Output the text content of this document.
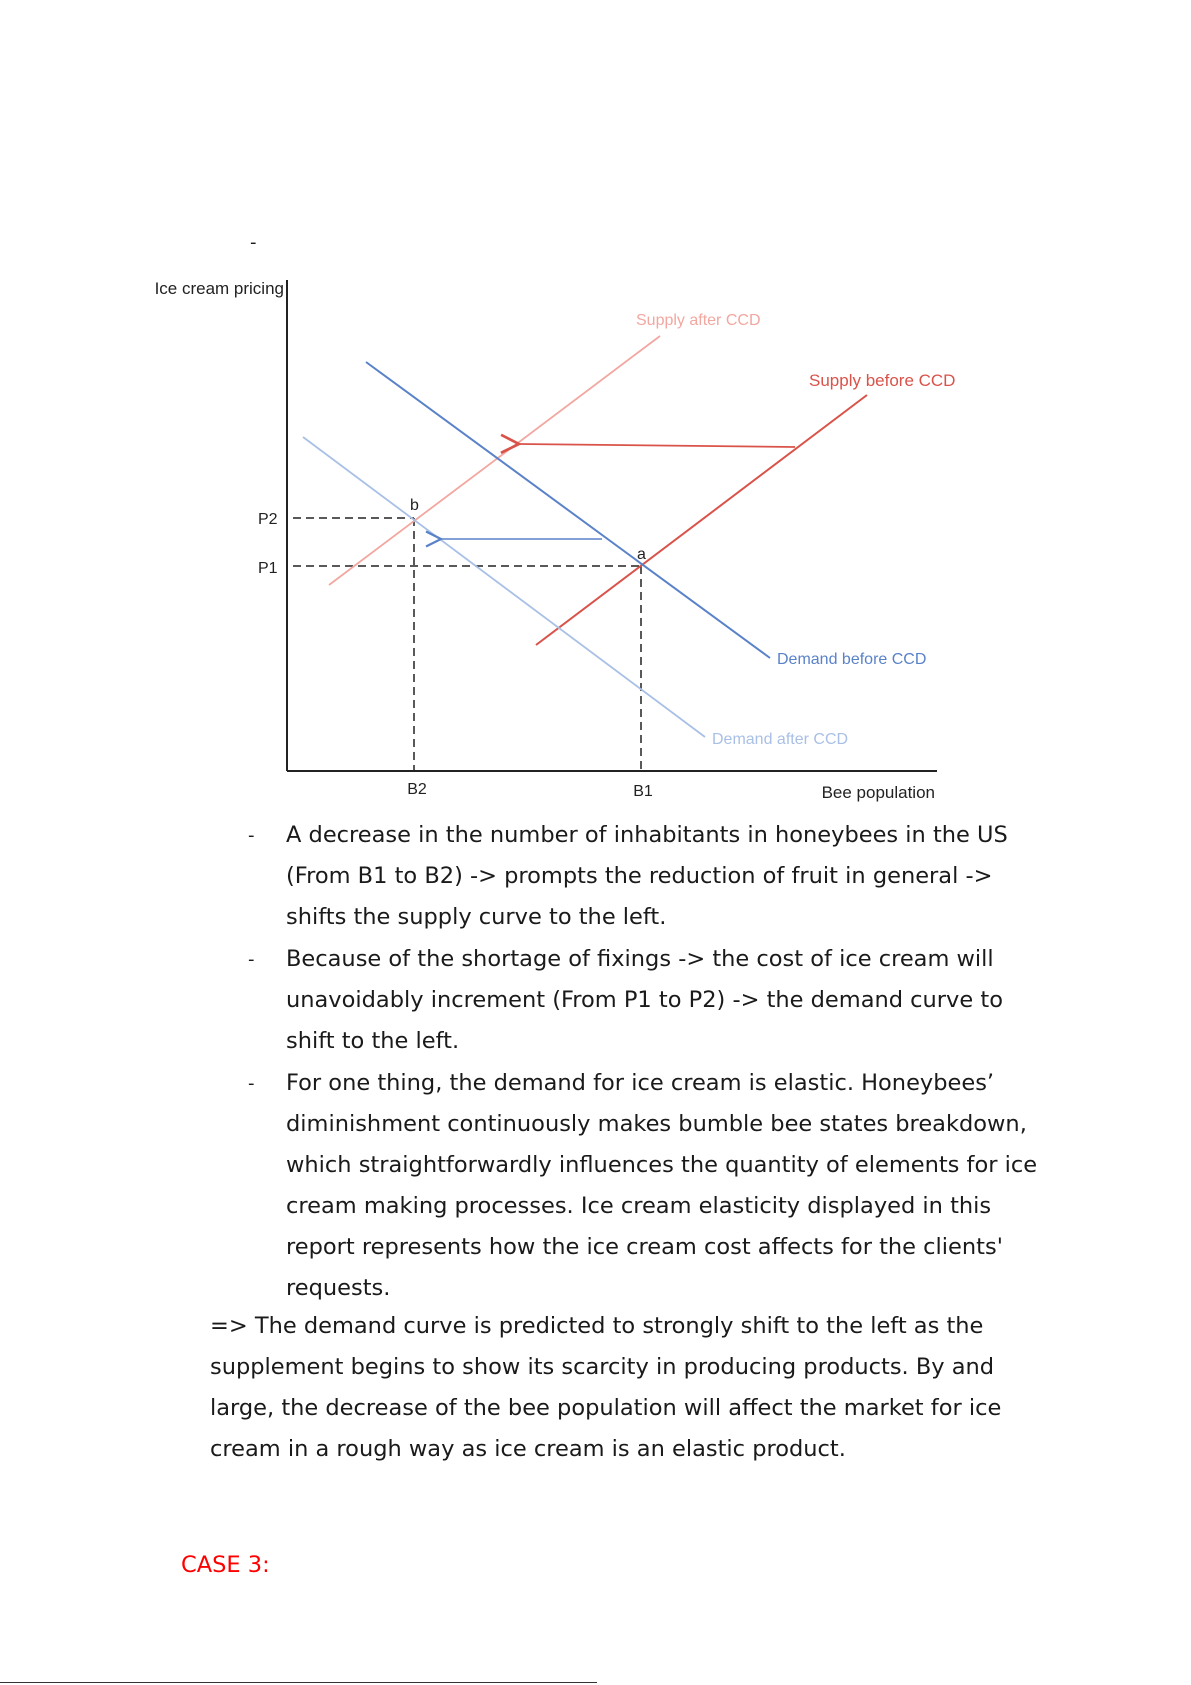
-
Ice cream pricing
Bee population
P2
P1
B2	B1
Supply after CCD
Supply before CCD
Demand before CCD
Demand after CCD
a
b
- A decrease in the number of inhabitants in honeybees in the US (From B1 to B2) -> prompts the reduction of fruit in general -> shifts the supply curve to the left.
- Because of the shortage of fixings -> the cost of ice cream will unavoidably increment (From P1 to P2) -> the demand curve to shift to the left.
- For one thing, the demand for ice cream is elastic. Honeybees’ diminishment continuously makes bumble bee states breakdown, which straightforwardly influences the quantity of elements for ice cream making processes. Ice cream elasticity displayed in this report represents how the ice cream cost affects for the clients' requests.

=> The demand curve is predicted to strongly shift to the left as the supplement begins to show its scarcity in producing products. By and large, the decrease of the bee population will affect the market for ice cream in a rough way as ice cream is an elastic product.

CASE 3:
